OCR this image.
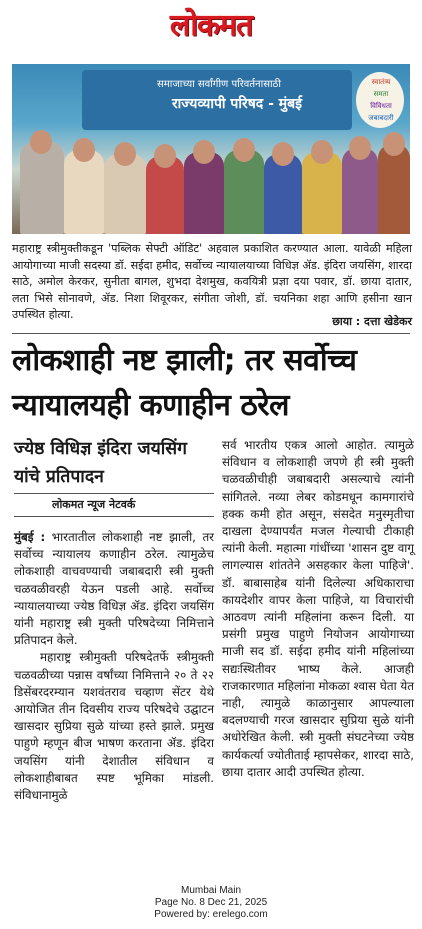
लोकमत
समाजाच्या सर्वांगीण परिवर्तनासाठी
राज्यव्यापी परिषद - मुंबई
स्वातंत्र्य
समता
विविधता
जबाबदारी
महाराष्ट्र स्त्रीमुक्तीकडून 'पब्लिक सेफ्टी ऑडिट' अहवाल प्रकाशित करण्यात आला. यावेळी महिला आयोगाच्या माजी सदस्या डॉ. सईदा हमीद, सर्वोच्च न्यायालयाच्या विधिज्ञ ॲड. इंदिरा जयसिंग, शारदा साठे, अमोल केरकर, सुनीता बागल, शुभदा देशमुख, कवयित्री प्रज्ञा दया पवार, डॉ. छाया दातार, लता भिसे सोनावणे, ॲड. निशा शिवूरकर, संगीता जोशी, डॉ. चयनिका शहा आणि हसीना खान उपस्थित होत्या.
छाया : दत्ता खेडेकर
लोकशाही नष्ट झाली; तर सर्वोच्च न्यायालयही कणाहीन ठरेल
ज्येष्ठ विधिज्ञ इंदिरा जयसिंग यांचे प्रतिपादन
लोकमत न्यूज नेटवर्क

मुंबई : भारतातील लोकशाही नष्ट झाली, तर सर्वोच्च न्यायालय कणाहीन ठरेल. त्यामुळेच लोकशाही वाचवण्याची जबाबदारी स्त्री मुक्ती चळवळीवरही येऊन पडली आहे. सर्वोच्च न्यायालयाच्या ज्येष्ठ विधिज्ञ ॲड. इंदिरा जयसिंग यांनी महाराष्ट्र स्त्री मुक्ती परिषदेच्या निमित्ताने प्रतिपादन केले.

महाराष्ट्र स्त्रीमुक्ती परिषदेतर्फे स्त्रीमुक्ती चळवळीच्या पन्नास वर्षांच्या निमित्ताने २० ते २२ डिसेंबरदरम्यान यशवंतराव चव्हाण सेंटर येथे आयोजित तीन दिवसीय राज्य परिषदेचे उद्घाटन खासदार सुप्रिया सुळे यांच्या हस्ते झाले. प्रमुख पाहुणे म्हणून बीज भाषण करताना ॲड. इंदिरा जयसिंग यांनी देशातील संविधान व लोकशाहीबाबत स्पष्ट भूमिका मांडली. संविधानामुळे

सर्व भारतीय एकत्र आलो आहोत. त्यामुळे संविधान व लोकशाही जपणे ही स्त्री मुक्ती चळवळीचीही जबाबदारी असल्याचे त्यांनी सांगितले. नव्या लेबर कोडमधून कामगारांचे हक्क कमी होत असून, संसदेत मनुस्मृतीचा दाखला देण्यापर्यंत मजल गेल्याची टीकाही त्यांनी केली. महात्मा गांधींच्या 'शासन दुष्ट वागू लागल्यास शांततेने असहकार केला पाहिजे'. डॉ. बाबासाहेब यांनी दिलेल्या अधिकाराचा कायदेशीर वापर केला पाहिजे, या विचारांची आठवण त्यांनी महिलांना करून दिली. या प्रसंगी प्रमुख पाहुणे नियोजन आयोगाच्या माजी सद डॉ. सईदा हमीद यांनी महिलांच्या सद्यःस्थितीवर भाष्य केले. आजही राजकारणात महिलांना मोकळा श्वास घेता येत नाही, त्यामुळे काळानुसार आपल्याला बदलण्याची गरज खासदार सुप्रिया सुळे यांनी अधोरेखित केली. स्त्री मुक्ती संघटनेच्या ज्येष्ठ कार्यकर्त्या ज्योतीताई म्हापसेकर, शारदा साठे, छाया दातार आदी उपस्थित होत्या.

Mumbai Main
Page No. 8 Dec 21, 2025
Powered by: erelego.com
